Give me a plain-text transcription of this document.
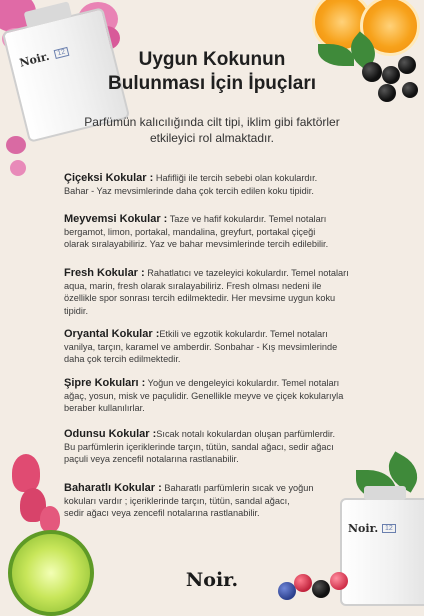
Noir. 12
Noir. 12
Uygun Kokunun
Bulunması İçin İpuçları
Parfümün kalıcılığında cilt tipi, iklim gibi faktörler
etkileyici rol almaktadır.
Çiçeksi Kokular : Hafifliği ile tercih sebebi olan kokulardır.
Bahar - Yaz mevsimlerinde daha çok tercih edilen koku tipidir.
Meyvemsi Kokular : Taze ve hafif kokulardır. Temel notaları
bergamot, limon, portakal, mandalina, greyfurt, portakal çiçeği
olarak sıralayabiliriz. Yaz ve bahar mevsimlerinde tercih edilebilir.
Fresh Kokular : Rahatlatıcı ve tazeleyici kokulardır. Temel notaları
aqua, marin, fresh olarak sıralayabiliriz. Fresh olması nedeni ile
özellikle spor sonrası tercih edilmektedir. Her mevsime uygun koku
tipidir.
Oryantal Kokular :Etkili ve egzotik kokulardır. Temel notaları
vanilya, tarçın, karamel ve amberdir. Sonbahar - Kış mevsimlerinde
daha çok tercih edilmektedir.
Şipre Kokuları : Yoğun ve dengeleyici kokulardır. Temel notaları
ağaç, yosun, misk ve paçulidir. Genellikle meyve ve çiçek kokularıyla
beraber kullanılırlar.
Odunsu Kokular :Sıcak notalı kokulardan oluşan parfümlerdir.
Bu parfümlerin içeriklerinde tarçın, tütün, sandal ağacı, sedir ağacı
paçuli veya zencefil notalarına rastlanabilir.
Baharatlı Kokular : Baharatlı parfümlerin sıcak ve yoğun
kokuları vardır ; içeriklerinde tarçın, tütün, sandal ağacı,
sedir ağacı veya zencefil notalarına rastlanabilir.
Noir.
